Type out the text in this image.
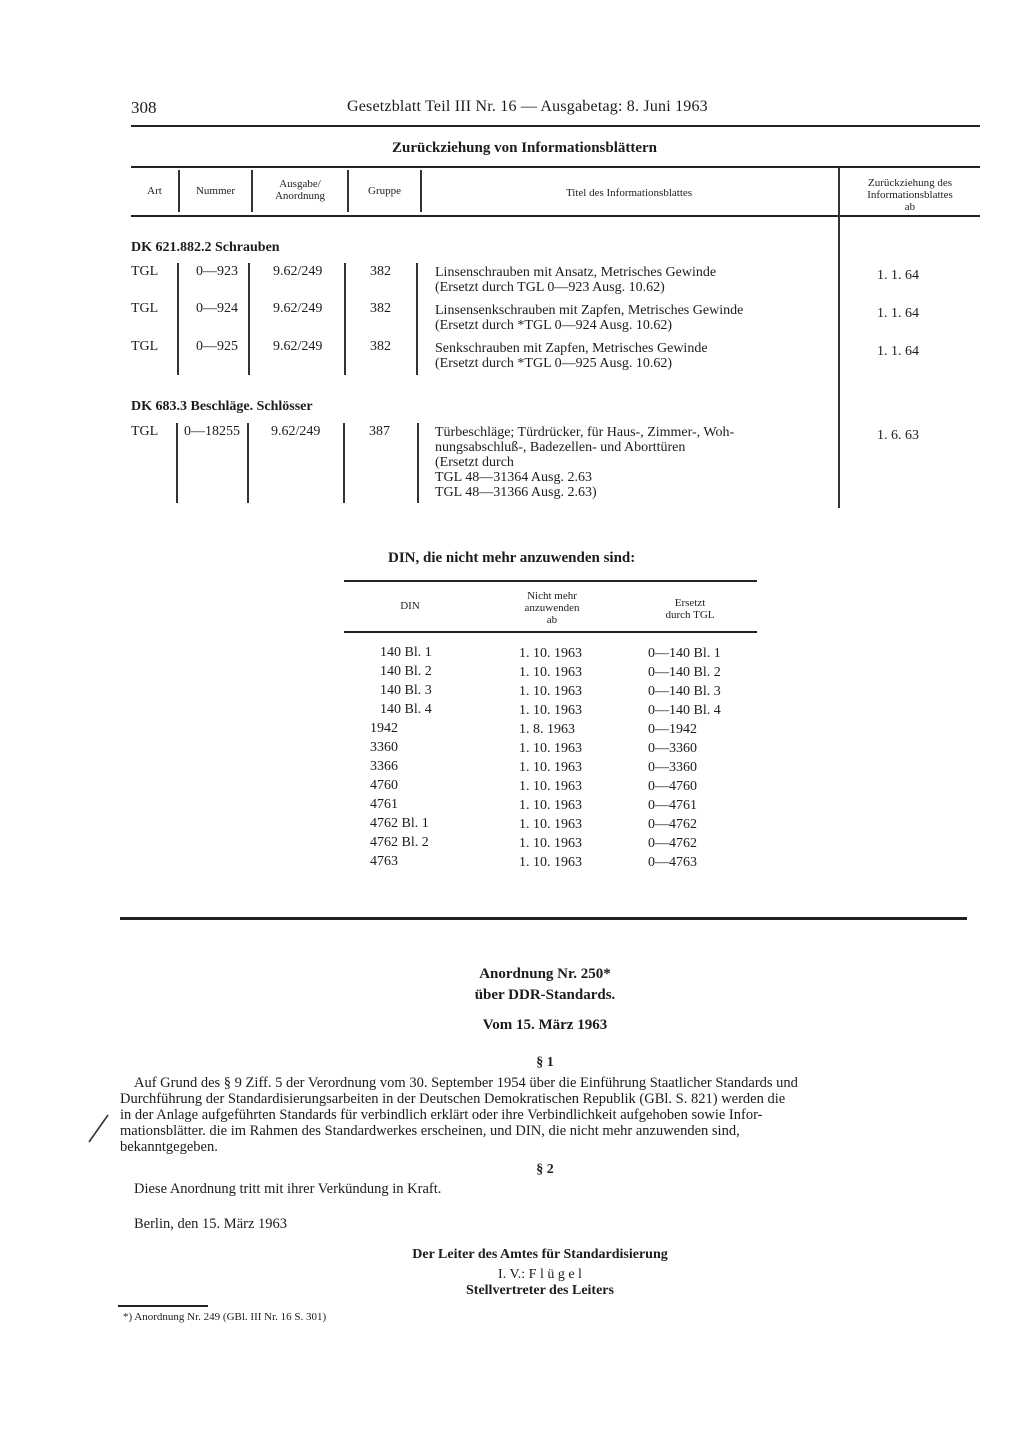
308	Gesetzblatt Teil III Nr. 16 — Ausgabetag: 8. Juni 1963
Zurückziehung von Informationsblättern
Art	Nummer
Ausgabe/
Anordnung	Gruppe	Titel des Informationsblattes
Zurückziehung des
Informationsblattes
ab
DK 621.882.2 Schrauben
TGL	0—923	9.62/249	382	Linsenschrauben mit Ansatz, Metrisches Gewinde
(Ersetzt durch TGL 0—923 Ausg. 10.62)
1. 1. 64
TGL	0—924	9.62/249	382	Linsensenkschrauben mit Zapfen, Metrisches Gewinde
(Ersetzt durch *TGL 0—924 Ausg. 10.62)
1. 1. 64
TGL	0—925	9.62/249	382	Senkschrauben mit Zapfen, Metrisches Gewinde
(Ersetzt durch *TGL 0—925 Ausg. 10.62)
1. 1. 64
DK 683.3 Beschläge. Schlösser
TGL 0—18255 9.62/249	387	Türbeschläge; Türdrücker, für Haus-, Zimmer-, Woh-
nungsabschluß-, Badezellen- und Aborttüren
(Ersetzt durch
TGL 48—31364 Ausg. 2.63
TGL 48—31366 Ausg. 2.63)
1. 6. 63
DIN, die nicht mehr anzuwenden sind:
DIN
Nicht mehr
anzuwenden
ab
Ersetzt
durch TGL
140 Bl. 1	1. 10. 1963	0—140 Bl. 1
140 Bl. 2	1. 10. 1963	0—140 Bl. 2
140 Bl. 3	1. 10. 1963	0—140 Bl. 3
140 Bl. 4	1. 10. 1963	0—140 Bl. 4
1942	1. 8. 1963	0—1942
3360	1. 10. 1963	0—3360
3366	1. 10. 1963	0—3360
4760	1. 10. 1963	0—4760
4761	1. 10. 1963	0—4761
4762 Bl. 1	1. 10. 1963	0—4762
4762 Bl. 2	1. 10. 1963	0—4762
4763	1. 10. 1963	0—4763
Anordnung Nr. 250*
über DDR-Standards.
Vom 15. März 1963
§ 1
Auf Grund des § 9 Ziff. 5 der Verordnung vom 30. September 1954 über die Einführung Staatlicher Standards und
Durchführung der Standardisierungsarbeiten in der Deutschen Demokratischen Republik (GBl. S. 821) werden die
in der Anlage aufgeführten Standards für verbindlich erklärt oder ihre Verbindlichkeit aufgehoben sowie Infor-
mationsblätter. die im Rahmen des Standardwerkes erscheinen, und DIN, die nicht mehr anzuwenden sind,
bekanntgegeben.
§ 2
Diese Anordnung tritt mit ihrer Verkündung in Kraft.
Berlin, den 15. März 1963
Der Leiter des Amtes für Standardisierung
I. V.: F l ü g e l
Stellvertreter des Leiters
*) Anordnung Nr. 249 (GBl. III Nr. 16 S. 301)
